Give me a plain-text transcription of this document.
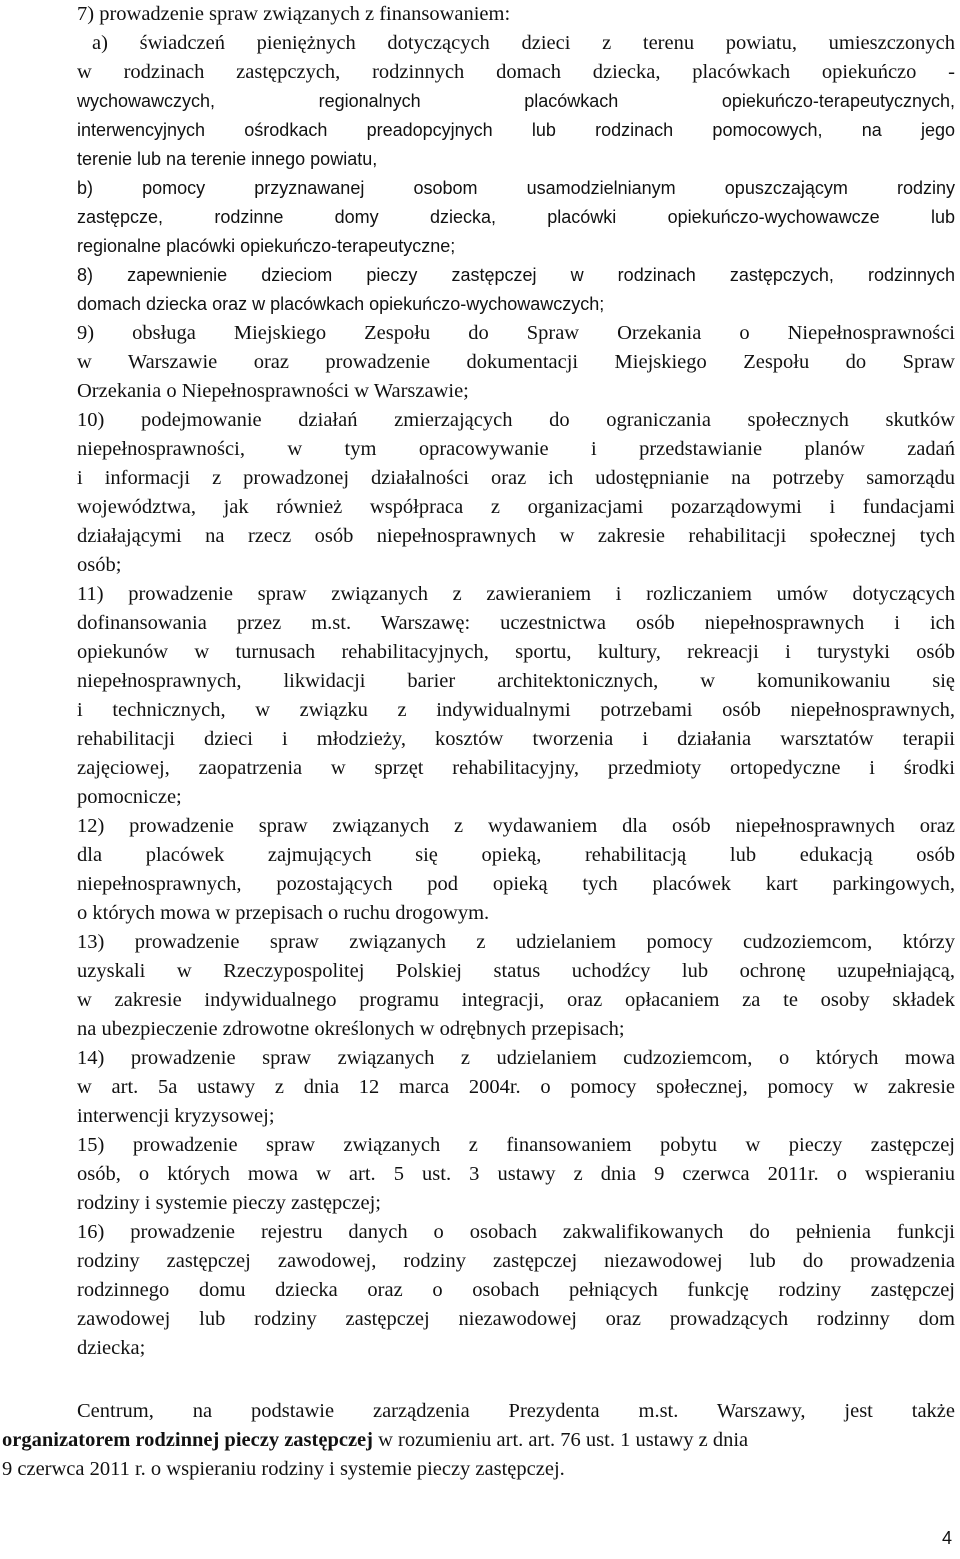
7) prowadzenie spraw związanych z finansowaniem:
a) świadczeń pieniężnych dotyczących dzieci z terenu powiatu, umieszczonych
w rodzinach zastępczych, rodzinnych domach dziecka, placówkach opiekuńczo -
wychowawczych, regionalnych placówkach opiekuńczo-terapeutycznych,
interwencyjnych ośrodkach preadopcyjnych lub rodzinach pomocowych, na jego
terenie lub na terenie innego powiatu,
b) pomocy przyznawanej osobom usamodzielnianym opuszczającym rodziny
zastępcze, rodzinne domy dziecka, placówki opiekuńczo-wychowawcze lub
regionalne placówki opiekuńczo-terapeutyczne;
8) zapewnienie dzieciom pieczy zastępczej w rodzinach zastępczych, rodzinnych
domach dziecka oraz w placówkach opiekuńczo-wychowawczych;
9) obsługa Miejskiego Zespołu do Spraw Orzekania o Niepełnosprawności
w Warszawie oraz prowadzenie dokumentacji Miejskiego Zespołu do Spraw
Orzekania o Niepełnosprawności w Warszawie;
10) podejmowanie działań zmierzających do ograniczania społecznych skutków
niepełnosprawności, w tym opracowywanie i przedstawianie planów zadań
i informacji z prowadzonej działalności oraz ich udostępnianie na potrzeby samorządu
województwa, jak również współpraca z organizacjami pozarządowymi i fundacjami
działającymi na rzecz osób niepełnosprawnych w zakresie rehabilitacji społecznej tych
osób;
11) prowadzenie spraw związanych z zawieraniem i rozliczaniem umów dotyczących
dofinansowania przez m.st. Warszawę: uczestnictwa osób niepełnosprawnych i ich
opiekunów w turnusach rehabilitacyjnych, sportu, kultury, rekreacji i turystyki osób
niepełnosprawnych, likwidacji barier architektonicznych, w komunikowaniu się
i technicznych, w związku z indywidualnymi potrzebami osób niepełnosprawnych,
rehabilitacji dzieci i młodzieży, kosztów tworzenia i działania warsztatów terapii
zajęciowej, zaopatrzenia w sprzęt rehabilitacyjny, przedmioty ortopedyczne i środki
pomocnicze;
12) prowadzenie spraw związanych z wydawaniem dla osób niepełnosprawnych oraz
dla placówek zajmujących się opieką, rehabilitacją lub edukacją osób
niepełnosprawnych, pozostających pod opieką tych placówek kart parkingowych,
o których mowa w przepisach o ruchu drogowym.
13) prowadzenie spraw związanych z udzielaniem pomocy cudzoziemcom, którzy
uzyskali w Rzeczypospolitej Polskiej status uchodźcy lub ochronę uzupełniającą,
w zakresie indywidualnego programu integracji, oraz opłacaniem za te osoby składek
na ubezpieczenie zdrowotne określonych w odrębnych przepisach;
14) prowadzenie spraw związanych z udzielaniem cudzoziemcom, o których mowa
w art. 5a ustawy z dnia 12 marca 2004r. o pomocy społecznej, pomocy w zakresie
interwencji kryzysowej;
15) prowadzenie spraw związanych z finansowaniem pobytu w pieczy zastępczej
osób, o których mowa w art. 5 ust. 3 ustawy z dnia 9 czerwca 2011r. o wspieraniu
rodziny i systemie pieczy zastępczej;
16) prowadzenie rejestru danych o osobach zakwalifikowanych do pełnienia funkcji
rodziny zastępczej zawodowej, rodziny zastępczej niezawodowej lub do prowadzenia
rodzinnego domu dziecka oraz o osobach pełniących funkcję rodziny zastępczej
zawodowej lub rodziny zastępczej niezawodowej oraz prowadzących rodzinny dom
dziecka;
Centrum, na podstawie zarządzenia Prezydenta m.st. Warszawy, jest także
organizatorem rodzinnej pieczy zastępczej w rozumieniu art. art. 76 ust. 1 ustawy z dnia
9 czerwca 2011 r. o wspieraniu rodziny i systemie pieczy zastępczej.
4
